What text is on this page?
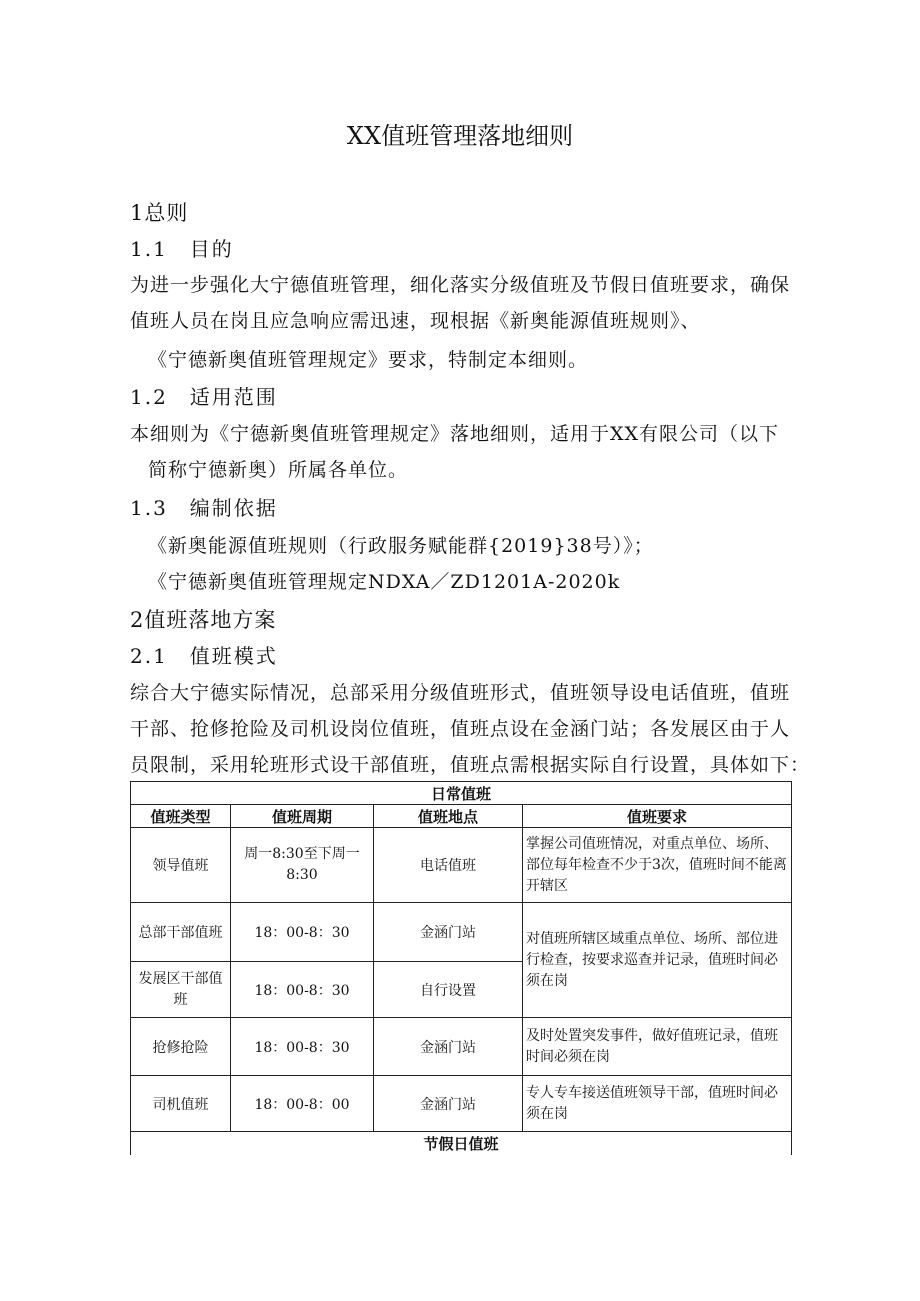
XX值班管理落地细则
1总则
1.1　目的
为进一步强化大宁德值班管理，细化落实分级值班及节假日值班要求，确保
值班人员在岗且应急响应需迅速，现根据《新奥能源值班规则》、
《宁德新奥值班管理规定》要求，特制定本细则。
1.2　适用范围
本细则为《宁德新奥值班管理规定》落地细则，适用于XX有限公司（以下
简称宁德新奥）所属各单位。
1.3　编制依据
《新奥能源值班规则（行政服务赋能群{2019}38号）》；
《宁德新奥值班管理规定NDXA／ZD1201A-2020k
2值班落地方案
2.1　值班模式
综合大宁德实际情况，总部采用分级值班形式，值班领导设电话值班，值班
干部、抢修抢险及司机设岗位值班，值班点设在金涵门站；各发展区由于人
员限制，采用轮班形式设干部值班，值班点需根据实际自行设置，具体如下：
日常值班			
值班类型	值班周期	值班地点	值班要求
领导值班	周一8:30至下周一8:30	电话值班	掌握公司值班情况，对重点单位、场所、部位每年检查不少于3次，值班时间不能离开辖区
总部干部值班	18：00-8：30	金涵门站	对值班所辖区域重点单位、场所、部位进行检查，按要求巡查并记录，值班时间必须在岗
发展区干部值班	18：00-8：30	自行设置	
抢修抢险	18：00-8：30	金涵门站	及时处置突发事件，做好值班记录，值班时间必须在岗
司机值班	18：00-8：00	金涵门站	专人专车接送值班领导干部，值班时间必须在岗
节假日值班			
